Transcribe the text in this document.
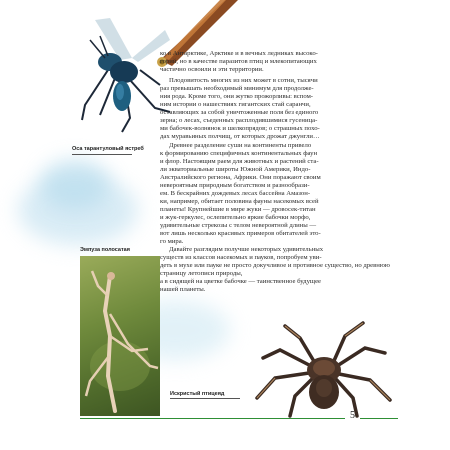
Оса тарантуловый ястреб
Эмпуза полосатая

ко в Антарктике, Арктике и в вечных ледниках высоко-

горий, но в качестве паразитов птиц и млекопитающих

частично освоили и эти территории.

Плодовитость многих из них может в сотни, тысячи

раз превышать необходимый минимум для продолже-

ния рода. Кроме того, они жутко прожорливы: вспом-

ним истории о нашествиях гигантских стай саранчи,

оставляющих за собой уничтоженные поля без единого

зерна; о лесах, съеденных расплодившимися гусеница-

ми бабочек-волнянок и шелкопрядов; о страшных похо-

дах муравьиных полчищ, от которых дрожат джунгли…

Древнее разделение суши на континенты привело

к формированию специфичных континентальных фаун

и флор. Настоящим раем для животных и растений ста-

ли экваториальные широты Южной Америки, Индо-

Австралийского региона, Африки. Они поражают своим

невероятным природным богатством и разнообрази-

ем. В бескрайних дождевых лесах бассейна Амазон-

ки, например, обитает половина фауны насекомых всей

планеты! Крупнейшие в мире жуки — дровосек-титан

и жук-геркулес, ослепительно яркие бабочки морфо,

удивительные стрекозы с телом невероятной длины —

вот лишь несколько красивых примеров обитателей это-

го мира.

Давайте разглядим получше некоторых удивительных

существ из классов насекомых и пауков, попробуем уви-

деть в мухе или пауке не просто докучливое и противное существо, но древнюю страницу летописи природы,

а в сидящей на цветке бабочке — таинственное будущее

нашей планеты.

Искристый птицеяд
5
